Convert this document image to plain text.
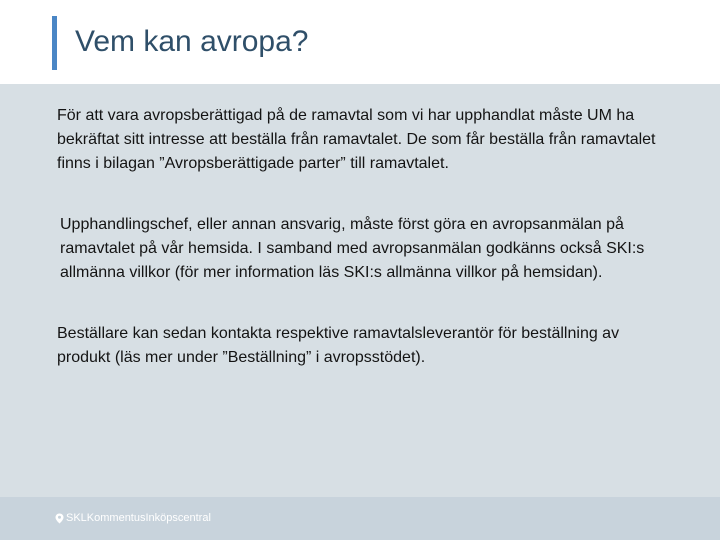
Vem kan avropa?

För att vara avropsberättigad på de ramavtal som vi har upphandlat måste UM ha bekräftat sitt intresse att beställa från ramavtalet. De som får beställa från ramavtalet finns i bilagan ”Avropsberättigade parter” till ramavtalet.

Upphandlingschef, eller annan ansvarig, måste först göra en avropsanmälan på ramavtalet på vår hemsida. I samband med avropsanmälan godkänns också SKI:s allmänna villkor (för mer information läs SKI:s allmänna villkor på hemsidan).

Beställare kan sedan kontakta respektive ramavtalsleverantör för beställning av produkt (läs mer under ”Beställning” i avropsstödet).

SKLKommentusInköpscentral
